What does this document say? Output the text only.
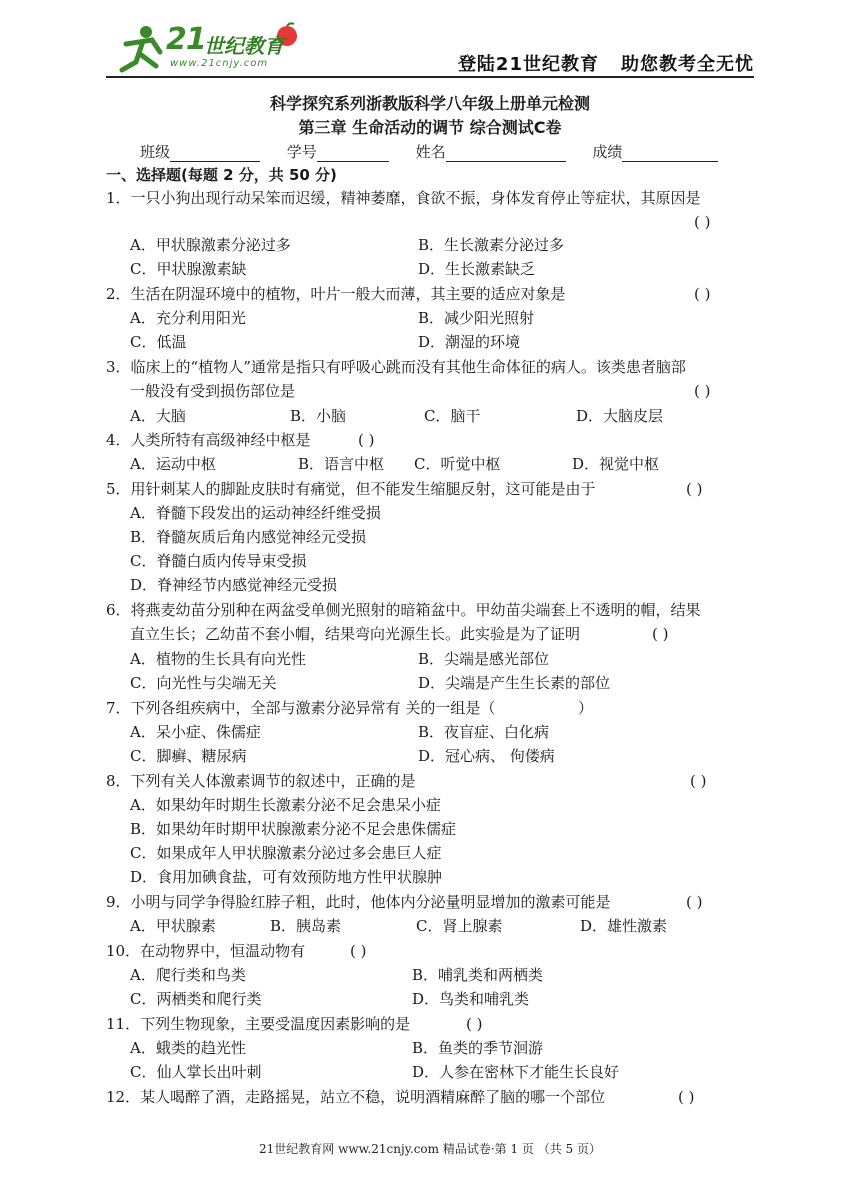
21
世纪教育
www.21cnjy.com	登陆21世纪教育 助您教考全无忧
科学探究系列浙教版科学八年级上册单元检测
第三章 生命活动的调节 综合测试C卷
班级	学号	姓名	成绩
一、选择题(每题 2 分，共 50 分)
1．一只小狗出现行动呆笨而迟缓，精神萎靡，食欲不振，身体发育停止等症状，其原因是
( )
A．甲状腺激素分泌过多	B．生长激素分泌过多
C．甲状腺激素缺	D．生长激素缺乏
2．生活在阴湿环境中的植物，叶片一般大而薄，其主要的适应对象是	( )
A．充分利用阳光	B．减少阳光照射
C．低温	D．潮湿的环境
3．临床上的“植物人”通常是指只有呼吸心跳而没有其他生命体征的病人。该类患者脑部
一般没有受到损伤部位是	( )
A．大脑	B．小脑	C．脑干	D．大脑皮层
4．人类所特有高级神经中枢是	( )
A．运动中枢	B．语言中枢 C．听觉中枢	D．视觉中枢
5．用针刺某人的脚趾皮肤时有痛觉，但不能发生缩腿反射，这可能是由于	( )
A．脊髓下段发出的运动神经纤维受损
B．脊髓灰质后角内感觉神经元受损
C．脊髓白质内传导束受损
D．脊神经节内感觉神经元受损
6．将燕麦幼苗分别种在两盆受单侧光照射的暗箱盆中。甲幼苗尖端套上不透明的帽，结果
直立生长；乙幼苗不套小帽，结果弯向光源生长。此实验是为了证明	( )
A．植物的生长具有向光性	B．尖端是感光部位
C．向光性与尖端无关	D．尖端是产生生长素的部位
7．下列各组疾病中，全部与激素分泌异常有 关的一组是（	）
A．呆小症、侏儒症	B．夜盲症、白化病
C．脚癣、糖尿病	D．冠心病、 佝偻病
8．下列有关人体激素调节的叙述中，正确的是	( )
A．如果幼年时期生长激素分泌不足会患呆小症
B．如果幼年时期甲状腺激素分泌不足会患侏儒症
C．如果成年人甲状腺激素分泌过多会患巨人症
D．食用加碘食盐，可有效预防地方性甲状腺肿
9．小明与同学争得脸红脖子粗，此时，他体内分泌量明显增加的激素可能是	( )
A．甲状腺素	B．胰岛素	C．肾上腺素	D．雄性激素
10．在动物界中，恒温动物有	( )
A．爬行类和鸟类	B．哺乳类和两栖类
C．两栖类和爬行类	D．鸟类和哺乳类
11．下列生物现象，主要受温度因素影响的是	( )
A．蛾类的趋光性	B．鱼类的季节洄游
C．仙人掌长出叶刺	D．人参在密林下才能生长良好
12．某人喝醉了酒，走路摇晃，站立不稳，说明酒精麻醉了脑的哪一个部位	( )
21世纪教育网 www.21cnjy.com 精品试卷·第 1 页 （共 5 页）
